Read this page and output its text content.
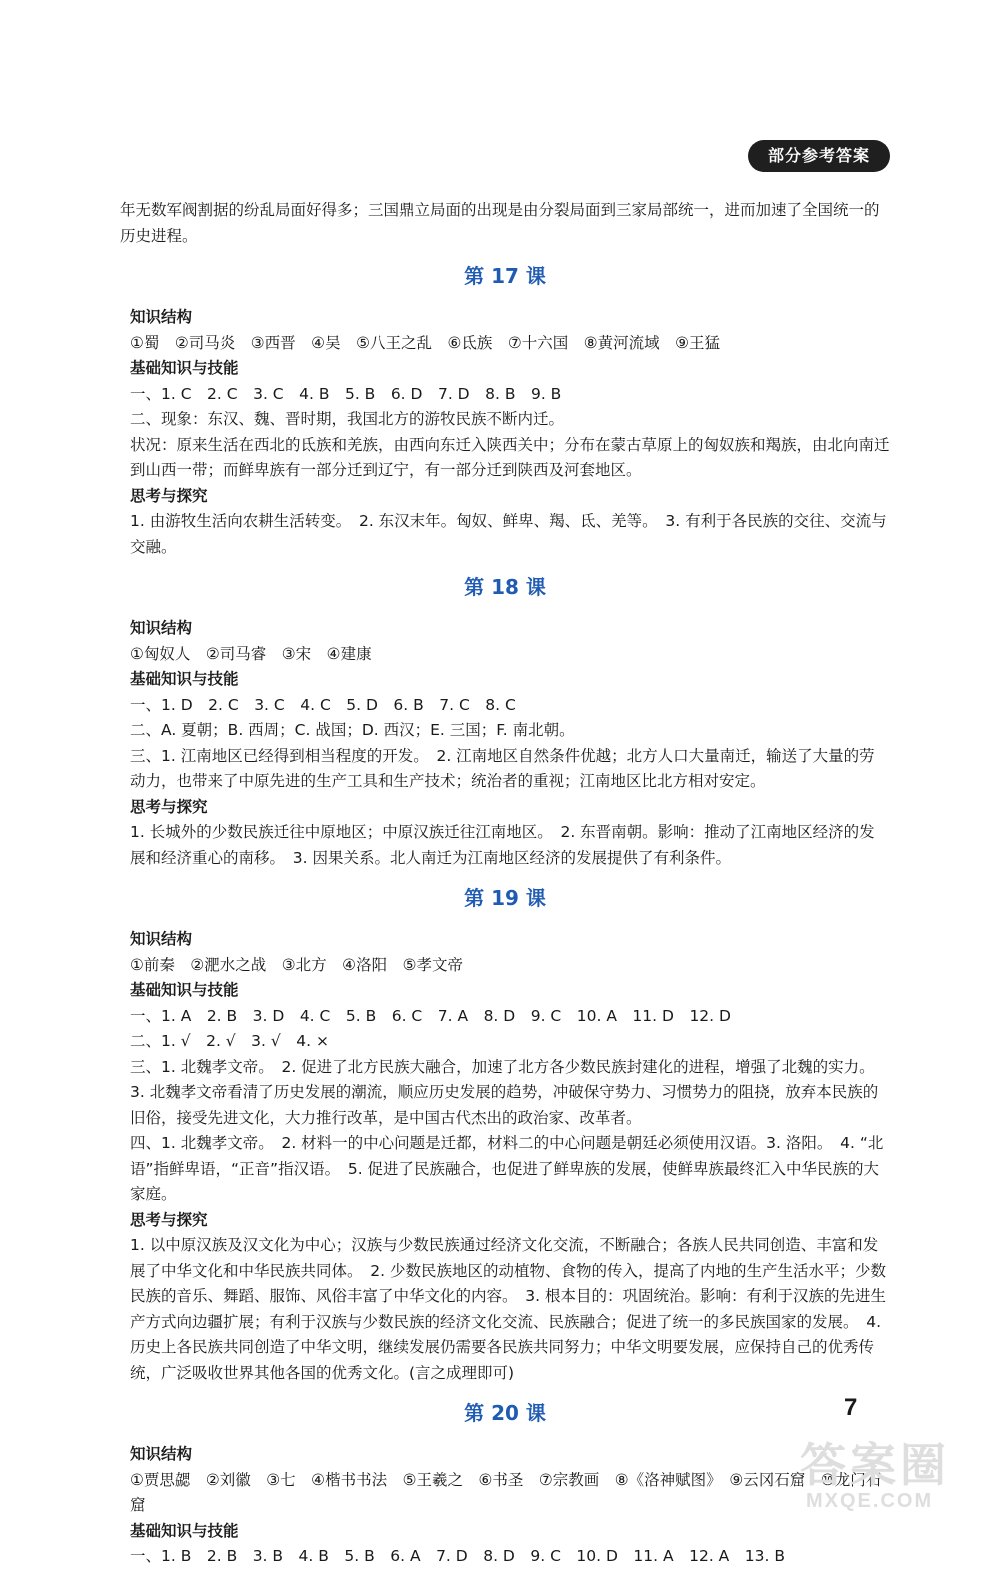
部分参考答案

年无数军阀割据的纷乱局面好得多；三国鼎立局面的出现是由分裂局面到三家局部统一，进而加速了全国统一的历史进程。

第 17 课

知识结构

①蜀　②司马炎　③西晋　④吴　⑤八王之乱　⑥氐族　⑦十六国　⑧黄河流域　⑨王猛

基础知识与技能

一、1. C　2. C　3. C　4. B　5. B　6. D　7. D　8. B　9. B

二、现象：东汉、魏、晋时期，我国北方的游牧民族不断内迁。

状况：原来生活在西北的氐族和羌族，由西向东迁入陕西关中；分布在蒙古草原上的匈奴族和羯族，由北向南迁到山西一带；而鲜卑族有一部分迁到辽宁，有一部分迁到陕西及河套地区。

思考与探究

1. 由游牧生活向农耕生活转变。　2. 东汉末年。匈奴、鲜卑、羯、氐、羌等。　3. 有利于各民族的交往、交流与交融。

第 18 课

知识结构

①匈奴人　②司马睿　③宋　④建康

基础知识与技能

一、1. D　2. C　3. C　4. C　5. D　6. B　7. C　8. C

二、A. 夏朝；B. 西周；C. 战国；D. 西汉；E. 三国；F. 南北朝。

三、1. 江南地区已经得到相当程度的开发。　2. 江南地区自然条件优越；北方人口大量南迁，输送了大量的劳动力，也带来了中原先进的生产工具和生产技术；统治者的重视；江南地区比北方相对安定。

思考与探究

1. 长城外的少数民族迁往中原地区；中原汉族迁往江南地区。　2. 东晋南朝。影响：推动了江南地区经济的发展和经济重心的南移。　3. 因果关系。北人南迁为江南地区经济的发展提供了有利条件。

第 19 课

知识结构

①前秦　②淝水之战　③北方　④洛阳　⑤孝文帝

基础知识与技能

一、1. A　2. B　3. D　4. C　5. B　6. C　7. A　8. D　9. C　10. A　11. D　12. D

二、1. √　2. √　3. √　4. ×

三、1. 北魏孝文帝。　2. 促进了北方民族大融合，加速了北方各少数民族封建化的进程，增强了北魏的实力。　3. 北魏孝文帝看清了历史发展的潮流，顺应历史发展的趋势，冲破保守势力、习惯势力的阻挠，放弃本民族的旧俗，接受先进文化，大力推行改革，是中国古代杰出的政治家、改革者。

四、1. 北魏孝文帝。　2. 材料一的中心问题是迁都，材料二的中心问题是朝廷必须使用汉语。3. 洛阳。　4. “北语”指鲜卑语，“正音”指汉语。　5. 促进了民族融合，也促进了鲜卑族的发展，使鲜卑族最终汇入中华民族的大家庭。

思考与探究

1. 以中原汉族及汉文化为中心；汉族与少数民族通过经济文化交流，不断融合；各族人民共同创造、丰富和发展了中华文化和中华民族共同体。　2. 少数民族地区的动植物、食物的传入，提高了内地的生产生活水平；少数民族的音乐、舞蹈、服饰、风俗丰富了中华文化的内容。　3. 根本目的：巩固统治。影响：有利于汉族的先进生产方式向边疆扩展；有利于汉族与少数民族的经济文化交流、民族融合；促进了统一的多民族国家的发展。　4. 历史上各民族共同创造了中华文明，继续发展仍需要各民族共同努力；中华文明要发展，应保持自己的优秀传统，广泛吸收世界其他各国的优秀文化。(言之成理即可)

第 20 课

知识结构

①贾思勰　②刘徽　③七　④楷书书法　⑤王羲之　⑥书圣　⑦宗教画　⑧《洛神赋图》　⑨云冈石窟　⑩龙门石窟

基础知识与技能

一、1. B　2. B　3. B　4. B　5. B　6. A　7. D　8. D　9. C　10. D　11. A　12. A　13. B

7
答案圈
MXQE.COM
